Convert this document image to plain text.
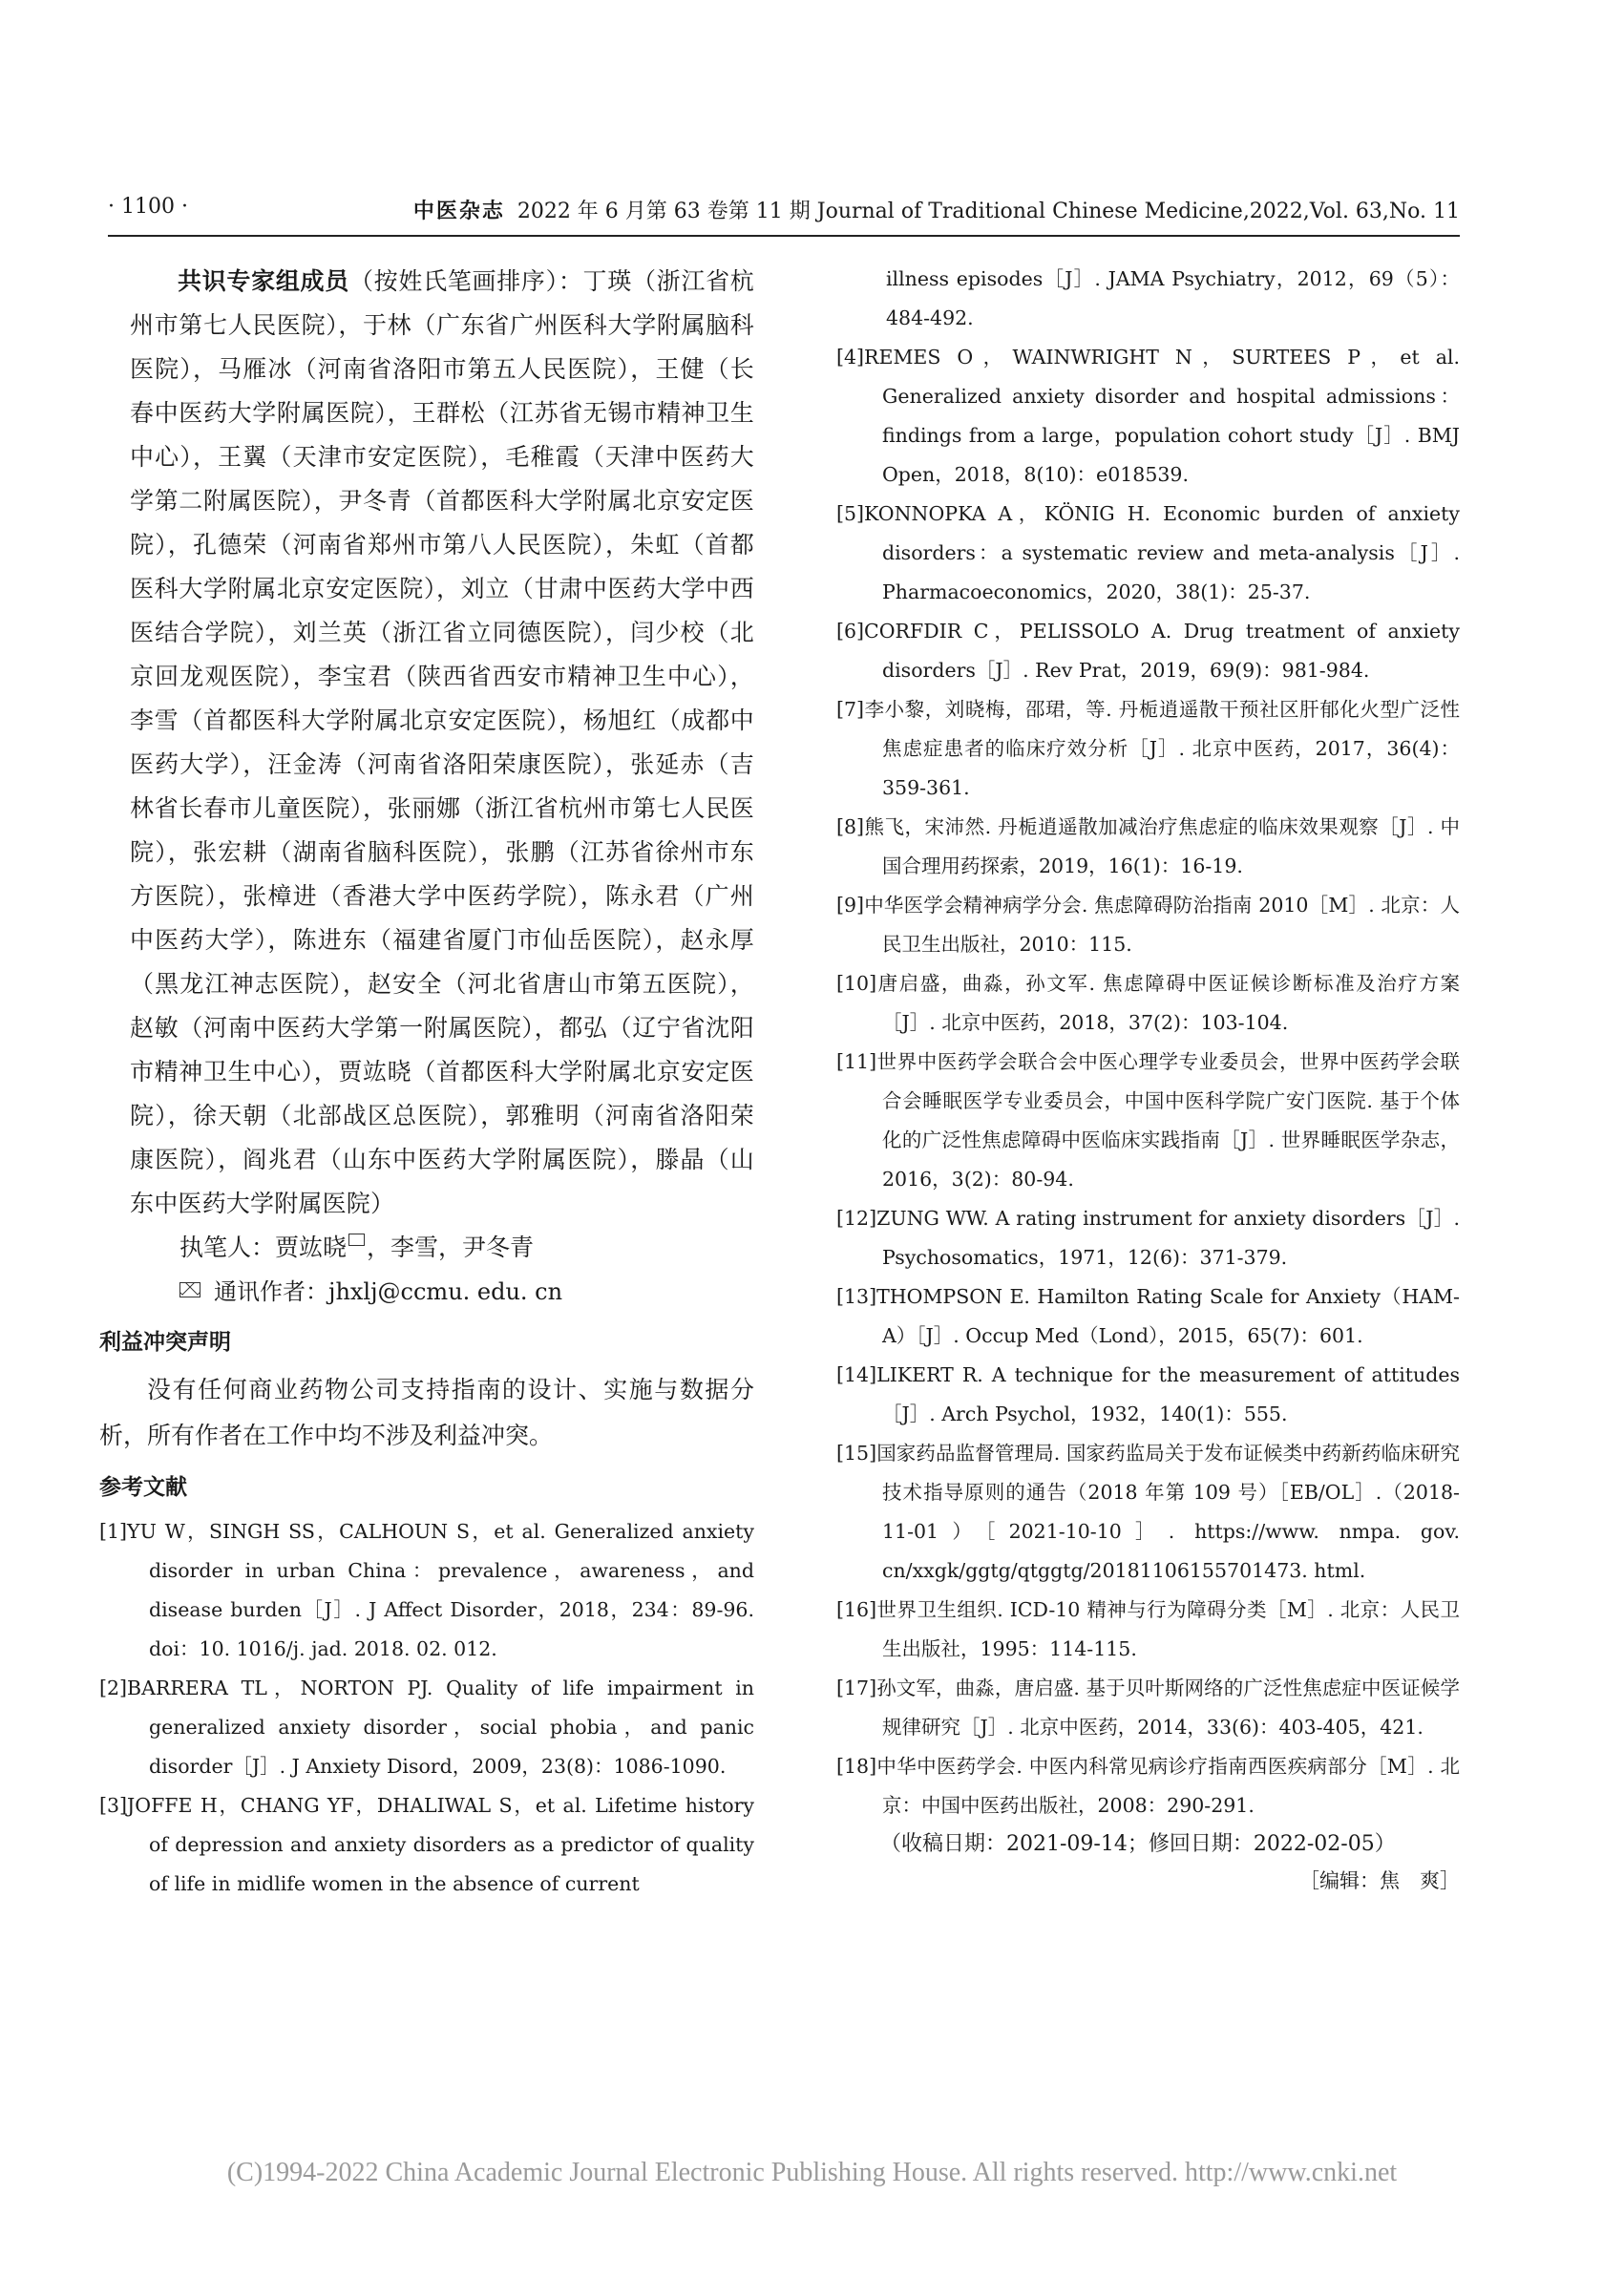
· 1100 ·	中医杂志 2022 年 6 月第 63 卷第 11 期 Journal of Traditional Chinese Medicine,2022,Vol. 63,No. 11

共识专家组成员（按姓氏笔画排序）：丁瑛（浙江省杭州市第七人民医院），于林（广东省广州医科大学附属脑科医院），马雁冰（河南省洛阳市第五人民医院），王健（长春中医药大学附属医院），王群松（江苏省无锡市精神卫生中心），王翼（天津市安定医院），毛稚霞（天津中医药大学第二附属医院），尹冬青（首都医科大学附属北京安定医院），孔德荣（河南省郑州市第八人民医院），朱虹（首都医科大学附属北京安定医院），刘立（甘肃中医药大学中西医结合学院），刘兰英（浙江省立同德医院），闫少校（北京回龙观医院），李宝君（陕西省西安市精神卫生中心），李雪（首都医科大学附属北京安定医院），杨旭红（成都中医药大学），汪金涛（河南省洛阳荣康医院），张延赤（吉林省长春市儿童医院），张丽娜（浙江省杭州市第七人民医院），张宏耕（湖南省脑科医院），张鹏（江苏省徐州市东方医院），张樟进（香港大学中医药学院），陈永君（广州中医药大学），陈进东（福建省厦门市仙岳医院），赵永厚（黑龙江神志医院），赵安全（河北省唐山市第五医院），赵敏（河南中医药大学第一附属医院），都弘（辽宁省沈阳市精神卫生中心），贾竑晓（首都医科大学附属北京安定医院），徐天朝（北部战区总医院），郭雅明（河南省洛阳荣康医院），阎兆君（山东中医药大学附属医院），滕晶（山东中医药大学附属医院）

执笔人：贾竑晓 ，李雪，尹冬青

通讯作者：jhxlj@ccmu. edu. cn

利益冲突声明

没有任何商业药物公司支持指南的设计、实施与数据分析，所有作者在工作中均不涉及利益冲突。

参考文献
[1]YU W，SINGH SS，CALHOUN S，et al. Generalized anxiety disorder in urban China：prevalence，awareness，and disease burden［J］. J Affect Disorder，2018，234：89-96. doi：10. 1016/j. jad. 2018. 02. 012.
[2]BARRERA TL，NORTON PJ. Quality of life impairment in generalized anxiety disorder，social phobia，and panic disorder［J］. J Anxiety Disord，2009，23(8)：1086-1090.
[3]JOFFE H，CHANG YF，DHALIWAL S，et al. Lifetime history of depression and anxiety disorders as a predictor of quality of life in midlife women in the absence of current

illness episodes［J］. JAMA Psychiatry，2012，69（5）：484-492.

[4]REMES O，WAINWRIGHT N，SURTEES P，et al. Generalized anxiety disorder and hospital admissions：findings from a large，population cohort study［J］. BMJ Open，2018，8(10)：e018539.
[5]KONNOPKA A，KÖNIG H. Economic burden of anxiety disorders：a systematic review and meta-analysis［J］. Pharmacoeconomics，2020，38(1)：25-37.
[6]CORFDIR C，PELISSOLO A. Drug treatment of anxiety disorders［J］. Rev Prat，2019，69(9)：981-984.
[7]李小黎，刘晓梅，邵珺，等. 丹栀逍遥散干预社区肝郁化火型广泛性焦虑症患者的临床疗效分析［J］. 北京中医药，2017，36(4)：359-361.
[8]熊飞，宋沛然. 丹栀逍遥散加减治疗焦虑症的临床效果观察［J］. 中国合理用药探索，2019，16(1)：16-19.
[9]中华医学会精神病学分会. 焦虑障碍防治指南 2010［M］. 北京：人民卫生出版社，2010：115.
[10]唐启盛，曲淼，孙文军. 焦虑障碍中医证候诊断标准及治疗方案［J］. 北京中医药，2018，37(2)：103-104.
[11]世界中医药学会联合会中医心理学专业委员会，世界中医药学会联合会睡眠医学专业委员会，中国中医科学院广安门医院. 基于个体化的广泛性焦虑障碍中医临床实践指南［J］. 世界睡眠医学杂志，2016，3(2)：80-94.
[12]ZUNG WW. A rating instrument for anxiety disorders［J］. Psychosomatics，1971，12(6)：371-379.
[13]THOMPSON E. Hamilton Rating Scale for Anxiety（HAM-A）［J］. Occup Med（Lond），2015，65(7)：601.
[14]LIKERT R. A technique for the measurement of attitudes［J］. Arch Psychol，1932，140(1)：555.
[15]国家药品监督管理局. 国家药监局关于发布证候类中药新药临床研究技术指导原则的通告（2018 年第 109 号）［EB/OL］.（2018-11-01）［2021-10-10］. https://www. nmpa. gov. cn/xxgk/ggtg/qtggtg/20181106155701473. html.
[16]世界卫生组织. ICD-10 精神与行为障碍分类［M］. 北京：人民卫生出版社，1995：114-115.
[17]孙文军，曲淼，唐启盛. 基于贝叶斯网络的广泛性焦虑症中医证候学规律研究［J］. 北京中医药，2014，33(6)：403-405，421.
[18]中华中医药学会. 中医内科常见病诊疗指南西医疾病部分［M］. 北京：中国中医药出版社，2008：290-291.

（收稿日期：2021-09-14；修回日期：2022-02-05）

［编辑：焦　爽］

(C)1994-2022 China Academic Journal Electronic Publishing House. All rights reserved. http://www.cnki.net
